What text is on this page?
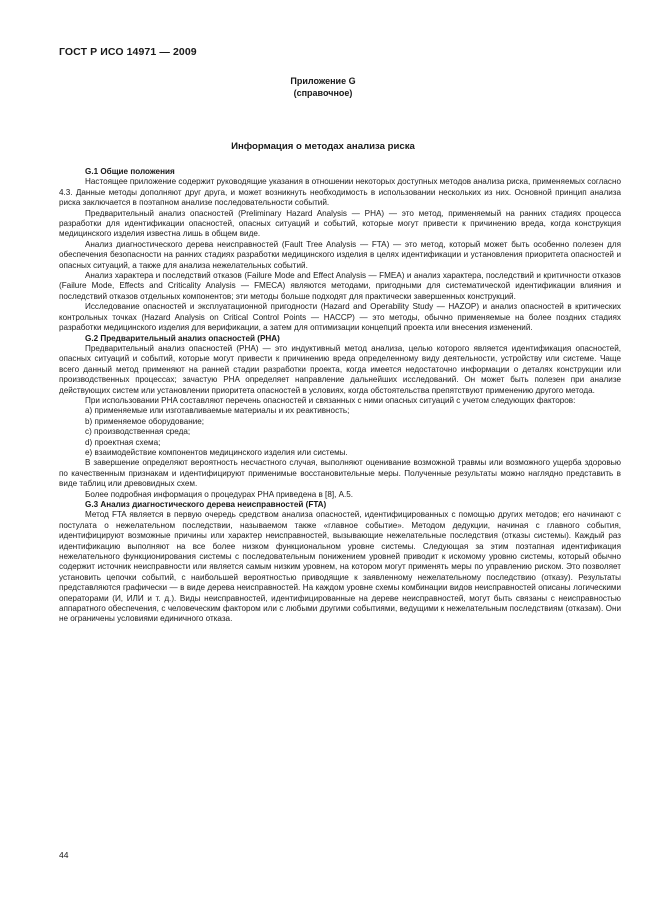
ГОСТ Р ИСО 14971 — 2009
Приложение G
(справочное)
Информация о методах анализа риска
G.1 Общие положения

Настоящее приложение содержит руководящие указания в отношении некоторых доступных методов анализа риска, применяемых согласно 4.3. Данные методы дополняют друг друга, и может возникнуть необходимость в использовании нескольких из них. Основной принцип анализа риска заключается в поэтапном анализе последовательности событий.

Предварительный анализ опасностей (Preliminary Hazard Analysis — PHA) — это метод, применяемый на ранних стадиях процесса разработки для идентификации опасностей, опасных ситуаций и событий, которые могут привести к причинению вреда, когда конструкция медицинского изделия известна лишь в общем виде.

Анализ диагностического дерева неисправностей (Fault Tree Analysis — FTA) — это метод, который может быть особенно полезен для обеспечения безопасности на ранних стадиях разработки медицинского изделия в целях идентификации и установления приоритета опасностей и опасных ситуаций, а также для анализа нежелательных событий.

Анализ характера и последствий отказов (Failure Mode and Effect Analysis — FMEA) и анализ характера, последствий и критичности отказов (Failure Mode, Effects and Criticality Analysis — FMECA) являются методами, пригодными для систематической идентификации влияния и последствий отказов отдельных компонентов; эти методы больше подходят для практически завершенных конструкций.

Исследование опасностей и эксплуатационной пригодности (Hazard and Operability Study — HAZOP) и анализ опасностей в критических контрольных точках (Hazard Analysis on Critical Control Points — HACCP) — это методы, обычно применяемые на более поздних стадиях разработки медицинского изделия для верификации, а затем для оптимизации концепций проекта или внесения изменений.

G.2 Предварительный анализ опасностей (PHA)

Предварительный анализ опасностей (PHA) — это индуктивный метод анализа, целью которого является идентификация опасностей, опасных ситуаций и событий, которые могут привести к причинению вреда определенному виду деятельности, устройству или системе. Чаще всего данный метод применяют на ранней стадии разработки проекта, когда имеется недостаточно информации о деталях конструкции или производственных процессах; зачастую PHA определяет направление дальнейших исследований. Он может быть полезен при анализе действующих систем или установлении приоритета опасностей в условиях, когда обстоятельства препятствуют применению другого метода.

При использовании PHA составляют перечень опасностей и связанных с ними опасных ситуаций с учетом следующих факторов:

a) применяемые или изготавливаемые материалы и их реактивность;

b) применяемое оборудование;

c) производственная среда;

d) проектная схема;

e) взаимодействие компонентов медицинского изделия или системы.

В завершение определяют вероятность несчастного случая, выполняют оценивание возможной травмы или возможного ущерба здоровью по качественным признакам и идентифицируют применимые восстановительные меры. Полученные результаты можно наглядно представить в виде таблиц или древовидных схем.

Более подробная информация о процедурах PHA приведена в [8], A.5.

G.3 Анализ диагностического дерева неисправностей (FTA)

Метод FTA является в первую очередь средством анализа опасностей, идентифицированных с помощью других методов; его начинают с постулата о нежелательном последствии, называемом также «главное событие». Методом дедукции, начиная с главного события, идентифицируют возможные причины или характер неисправностей, вызывающие нежелательные последствия (отказы системы). Каждый раз идентификацию выполняют на все более низком функциональном уровне системы. Следующая за этим поэтапная идентификация нежелательного функционирования системы с последовательным понижением уровней приводит к искомому уровню системы, который обычно содержит источник неисправности или является самым низким уровнем, на котором могут применять меры по управлению риском. Это позволяет установить цепочки событий, с наибольшей вероятностью приводящие к заявленному нежелательному последствию (отказу). Результаты представляются графически — в виде дерева неисправностей. На каждом уровне схемы комбинации видов неисправностей описаны логическими операторами (И, ИЛИ и т. д.). Виды неисправностей, идентифицированные на дереве неисправностей, могут быть связаны с неисправностью аппаратного обеспечения, с человеческим фактором или с любыми другими событиями, ведущими к нежелательным последствиям (отказам). Они не ограничены условиями единичного отказа.

44
